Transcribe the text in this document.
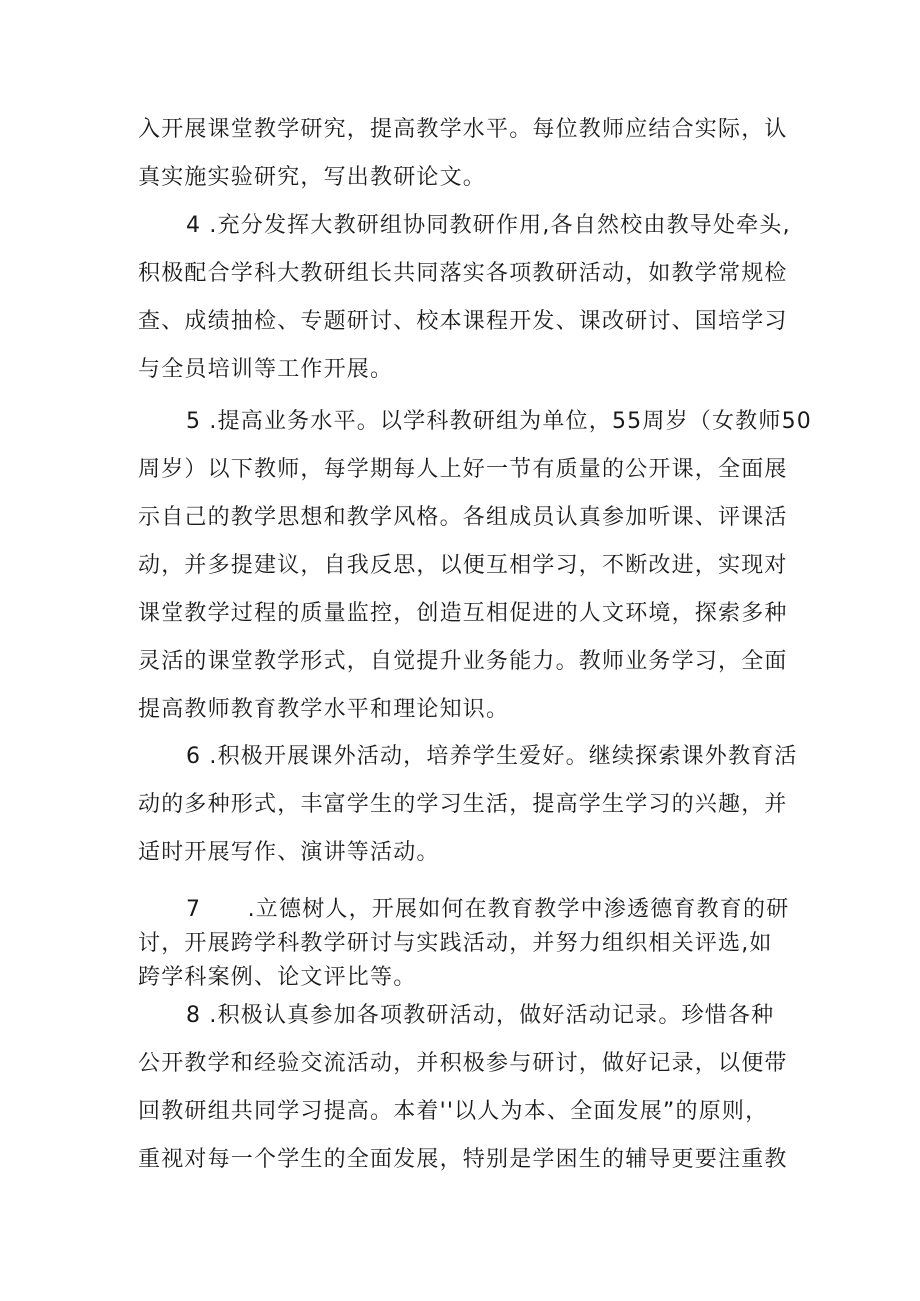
入开展课堂教学研究，提高教学水平。每位教师应结合实际，认
真实施实验研究，写出教研论文。
4 .充分发挥大教研组协同教研作用,各自然校由教导处牵头,
积极配合学科大教研组长共同落实各项教研活动，如教学常规检
查、成绩抽检、专题研讨、校本课程开发、课改研讨、国培学习
与全员培训等工作开展。
5 .提高业务水平。以学科教研组为单位，55周岁（女教师50
周岁）以下教师，每学期每人上好一节有质量的公开课，全面展
示自己的教学思想和教学风格。各组成员认真参加听课、评课活
动，并多提建议，自我反思，以便互相学习，不断改进，实现对
课堂教学过程的质量监控，创造互相促进的人文环境，探索多种
灵活的课堂教学形式，自觉提升业务能力。教师业务学习，全面
提高教师教育教学水平和理论知识。
6 .积极开展课外活动，培养学生爱好。继续探索课外教育活
动的多种形式，丰富学生的学习生活，提高学生学习的兴趣，并
适时开展写作、演讲等活动。
7　　.立德树人，开展如何在教育教学中渗透德育教育的研
讨，开展跨学科教学研讨与实践活动，并努力组织相关评选,如
跨学科案例、论文评比等。
8 .积极认真参加各项教研活动，做好活动记录。珍惜各种
公开教学和经验交流活动，并积极参与研讨，做好记录，以便带
回教研组共同学习提高。本着''以人为本、全面发展”的原则，
重视对每一个学生的全面发展，特别是学困生的辅导更要注重教
